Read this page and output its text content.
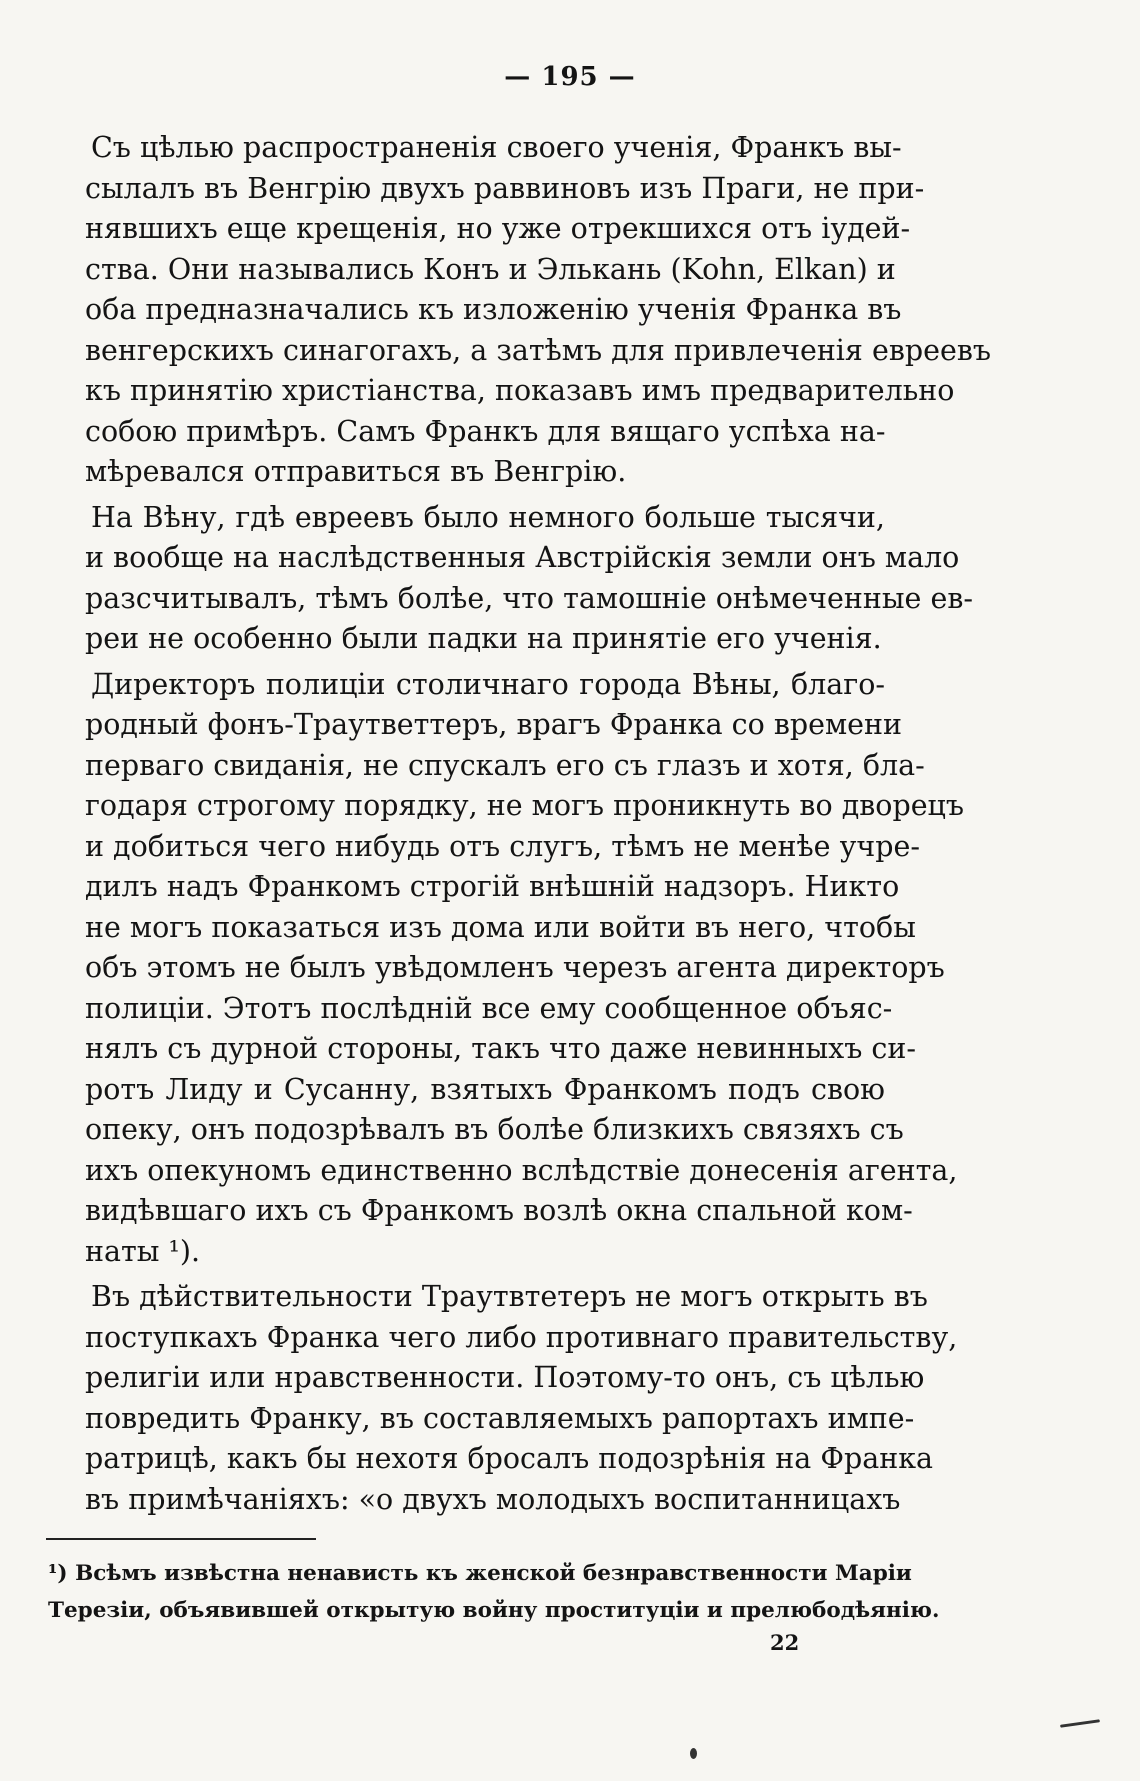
— 195 —
Съ цѣлью распространенія своего ученія, Франкъ вы-
сылалъ въ Венгрію двухъ раввиновъ изъ Праги, не при-
нявшихъ еще крещенія, но уже отрекшихся отъ іудей-
ства. Они назывались Конъ и Элькань (Kohn, Elkan) и
оба предназначались къ изложенію ученія Франка въ
венгерскихъ синагогахъ, а затѣмъ для привлеченія евреевъ
къ принятію христіанства, показавъ имъ предварительно
собою примѣръ. Самъ Франкъ для вящаго успѣха на-
мѣревался отправиться въ Венгрію.
На Вѣну, гдѣ евреевъ было немного больше тысячи,
и вообще на наслѣдственныя Австрійскія земли онъ мало
разсчитывалъ, тѣмъ болѣе, что тамошніе онѣмеченные ев-
реи не особенно были падки на принятіе его ученія.
Директоръ полиціи столичнаго города Вѣны, благо-
родный фонъ-Траутветтеръ, врагъ Франка со времени
перваго свиданія, не спускалъ его съ глазъ и хотя, бла-
годаря строгому порядку, не могъ проникнуть во дворецъ
и добиться чего нибудь отъ слугъ, тѣмъ не менѣе учре-
дилъ надъ Франкомъ строгій внѣшній надзоръ. Никто
не могъ показаться изъ дома или войти въ него, чтобы
объ этомъ не былъ увѣдомленъ черезъ агента директоръ
полиціи. Этотъ послѣдній все ему сообщенное объяс-
нялъ съ дурной стороны, такъ что даже невинныхъ си-
ротъ Лиду и Сусанну, взятыхъ Франкомъ подъ свою
опеку, онъ подозрѣвалъ въ болѣе близкихъ связяхъ съ
ихъ опекуномъ единственно вслѣдствіе донесенія агента,
видѣвшаго ихъ съ Франкомъ возлѣ окна спальной ком-
наты ¹).
Въ дѣйствительности Траутвтетеръ не могъ открыть въ
поступкахъ Франка чего либо противнаго правительству,
религіи или нравственности. Поэтому-то онъ, съ цѣлью
повредить Франку, въ составляемыхъ рапортахъ импе-
ратрицѣ, какъ бы нехотя бросалъ подозрѣнія на Франка
въ примѣчаніяхъ: «о двухъ молодыхъ воспитанницахъ
¹) Всѣмъ извѣстна ненависть къ женской безнравственности Маріи
Терезіи, объявившей открытую войну проституціи и прелюбодѣянію.
22
